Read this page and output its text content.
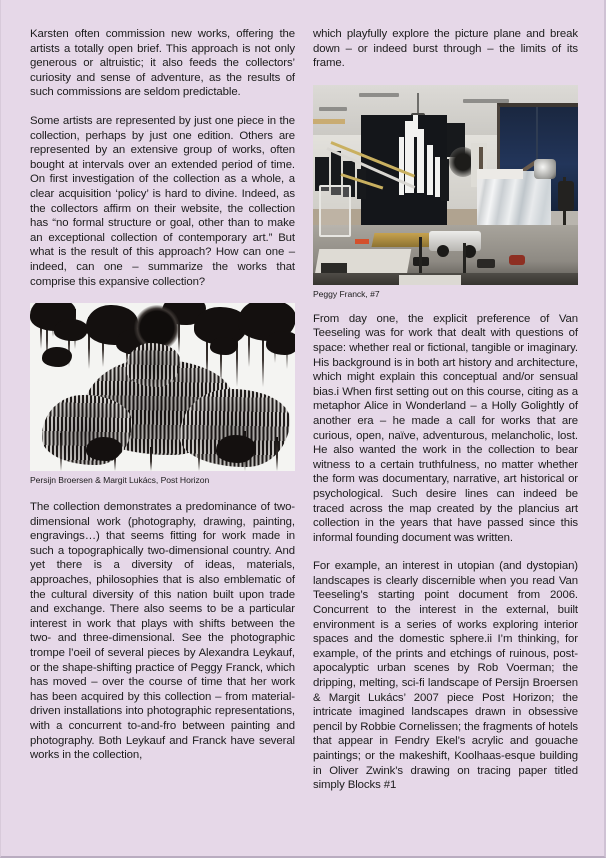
Karsten often commission new works, offering the artists a totally open brief. This approach is not only generous or altruistic; it also feeds the collectors’ curiosity and sense of adventure, as the results of such commissions are seldom predictable.

Some artists are represented by just one piece in the collection, perhaps by just one edition. Others are represented by an extensive group of works, often bought at intervals over an extended period of time. On first investigation of the collection as a whole, a clear acquisition ‘policy’ is hard to divine. Indeed, as the collectors affirm on their website, the collection has “no formal structure or goal, other than to make an exceptional collection of contemporary art.” But what is the result of this approach? How can one – indeed, can one – summarize the works that comprise this expansive collection?

Persijn Broersen & Margit Lukács, Post Horizon

The collection demonstrates a predominance of two-dimensional work (photography, drawing, painting, engravings…) that seems fitting for work made in such a topographically two-dimensional country. And yet there is a diversity of ideas, materials, approaches, philosophies that is also emblematic of the cultural diversity of this nation built upon trade and exchange. There also seems to be a particular interest in work that plays with shifts between the two- and three-dimensional. See the photographic trompe l’oeil of several pieces by Alexandra Leykauf, or the shape-shifting practice of Peggy Franck, which has moved – over the course of time that her work has been acquired by this collection – from material-driven installations into photographic representations, with a concurrent to-and-fro between painting and photography. Both Leykauf and Franck have several works in the collection,

which playfully explore the picture plane and break down – or indeed burst through – the limits of its frame.

Peggy Franck, #7

From day one, the explicit preference of Van Teeseling was for work that dealt with questions of space: whether real or fictional, tangible or imaginary. His background is in both art history and architecture, which might explain this conceptual and/or sensual bias.i When first setting out on this course, citing as a metaphor Alice in Wonderland – a Holly Golightly of another era – he made a call for works that are curious, open, naïve, adventurous, melancholic, lost. He also wanted the work in the collection to bear witness to a certain truthfulness, no matter whether the form was documentary, narrative, art historical or psychological. Such desire lines can indeed be traced across the map created by the plancius art collection in the years that have passed since this informal founding document was written.

For example, an interest in utopian (and dystopian) landscapes is clearly discernible when you read Van Teeseling’s starting point document from 2006. Concurrent to the interest in the external, built environment is a series of works exploring interior spaces and the domestic sphere.ii I’m thinking, for example, of the prints and etchings of ruinous, post-apocalyptic urban scenes by Rob Voerman; the dripping, melting, sci-fi landscape of Persijn Broersen & Margit Lukács’ 2007 piece Post Horizon; the intricate imagined landscapes drawn in obsessive pencil by Robbie Cornelissen; the fragments of hotels that appear in Fendry Ekel’s acrylic and gouache paintings; or the makeshift, Koolhaas-esque building in Oliver Zwink’s drawing on tracing paper titled simply Blocks #1
